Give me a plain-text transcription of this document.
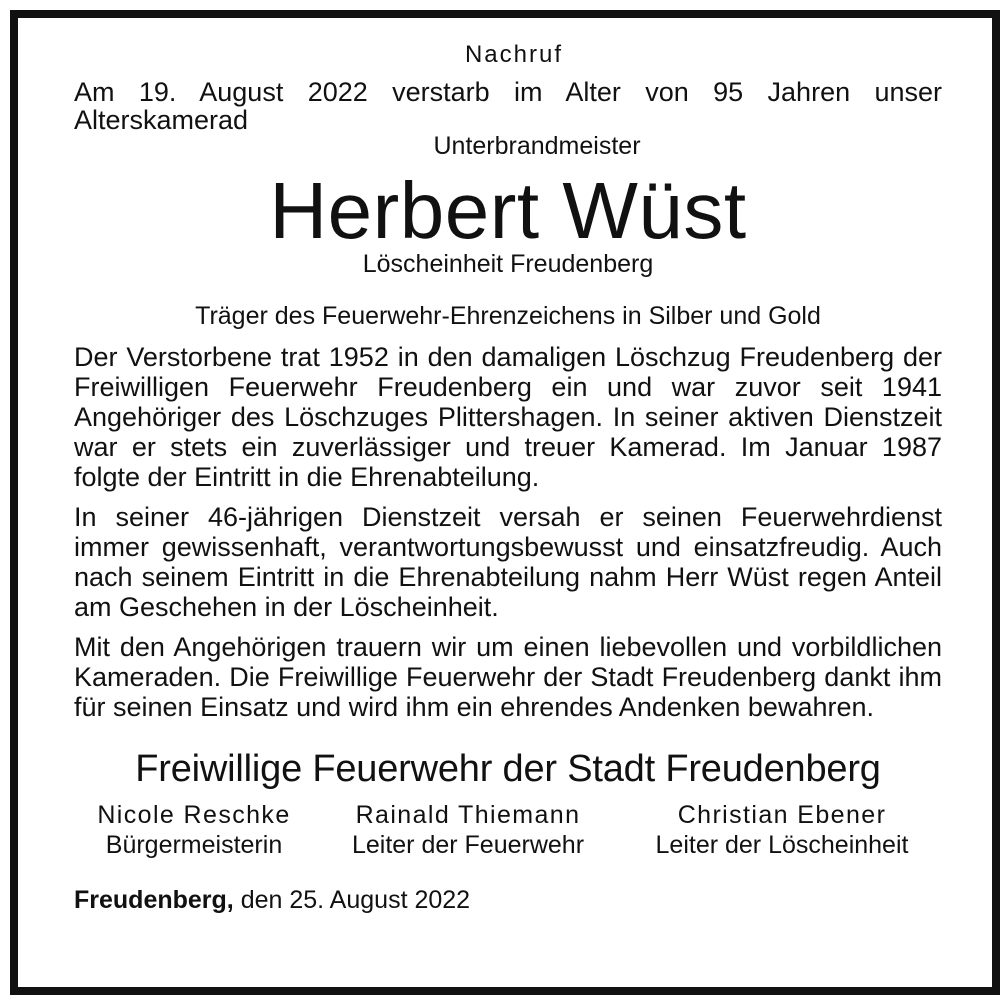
Nachruf
Am 19. August 2022 verstarb im Alter von 95 Jahren unser Alterskamerad
Unterbrandmeister
Herbert Wüst
Löscheinheit Freudenberg
Träger des Feuerwehr-Ehrenzeichens in Silber und Gold
Der Verstorbene trat 1952 in den damaligen Löschzug Freudenberg der Freiwilligen Feuerwehr Freudenberg ein und war zuvor seit 1941 Angehöriger des Löschzuges Plittershagen. In seiner aktiven Dienstzeit war er stets ein zuverlässiger und treuer Kamerad. Im Januar 1987 folgte der Eintritt in die Ehrenabteilung.
In seiner 46-jährigen Dienstzeit versah er seinen Feuerwehrdienst immer gewissenhaft, verantwortungsbewusst und einsatzfreudig. Auch nach seinem Eintritt in die Ehrenabteilung nahm Herr Wüst regen Anteil am Geschehen in der Löscheinheit.
Mit den Angehörigen trauern wir um einen liebevollen und vorbildlichen Kameraden. Die Freiwillige Feuerwehr der Stadt Freudenberg dankt ihm für seinen Einsatz und wird ihm ein ehrendes Andenken bewahren.
Freiwillige Feuerwehr der Stadt Freudenberg
Nicole Reschke
Bürgermeisterin
Rainald Thiemann
Leiter der Feuerwehr
Christian Ebener
Leiter der Löscheinheit
Freudenberg, den 25. August 2022
